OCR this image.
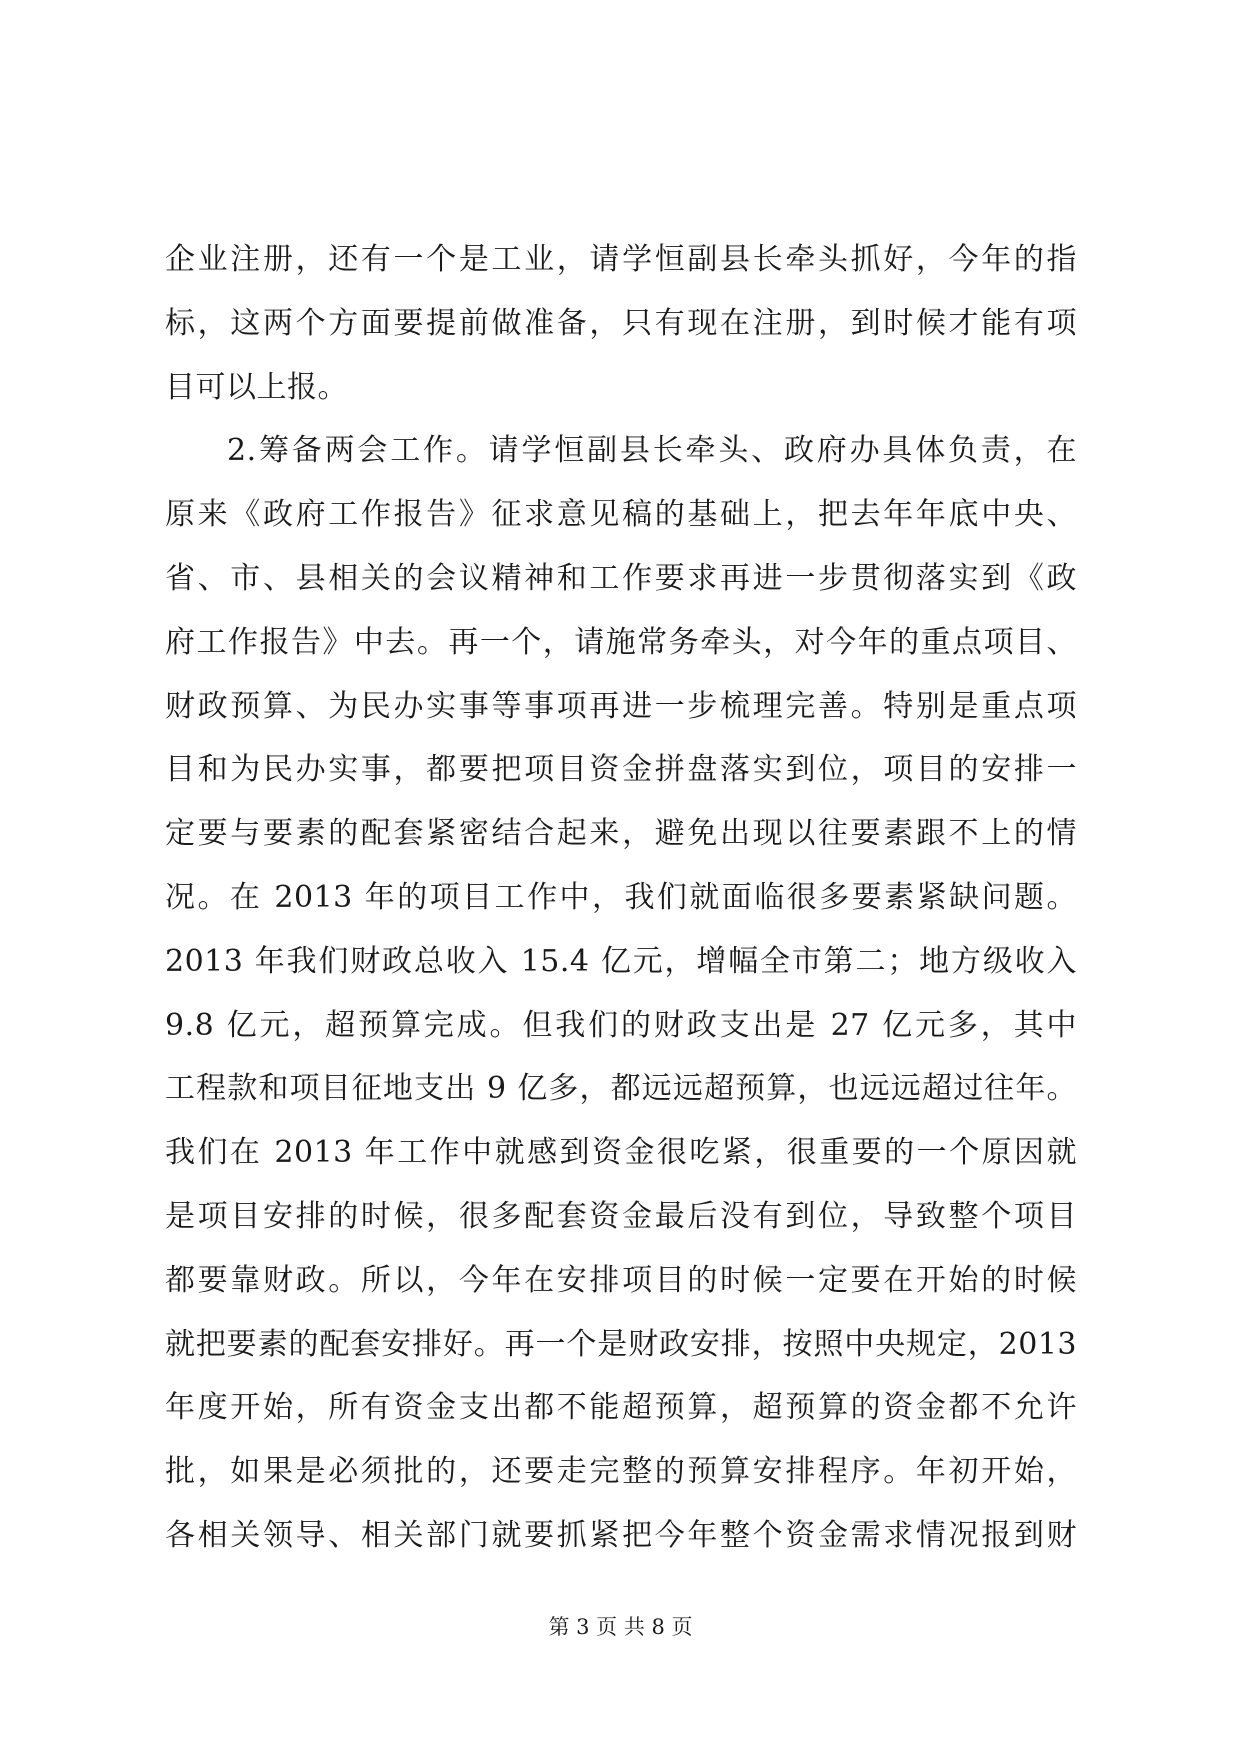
企业注册，还有一个是工业，请学恒副县长牵头抓好，今年的指
标，这两个方面要提前做准备，只有现在注册，到时候才能有项
目可以上报。
2.筹备两会工作。请学恒副县长牵头、政府办具体负责，在
原来《政府工作报告》征求意见稿的基础上，把去年年底中央、
省、市、县相关的会议精神和工作要求再进一步贯彻落实到《政
府工作报告》中去。再一个，请施常务牵头，对今年的重点项目、
财政预算、为民办实事等事项再进一步梳理完善。特别是重点项
目和为民办实事，都要把项目资金拼盘落实到位，项目的安排一
定要与要素的配套紧密结合起来，避免出现以往要素跟不上的情
况。在 2013 年的项目工作中，我们就面临很多要素紧缺问题。
2013 年我们财政总收入 15.4 亿元，增幅全市第二；地方级收入
9.8 亿元，超预算完成。但我们的财政支出是 27 亿元多，其中
工程款和项目征地支出 9 亿多，都远远超预算，也远远超过往年。
我们在 2013 年工作中就感到资金很吃紧，很重要的一个原因就
是项目安排的时候，很多配套资金最后没有到位，导致整个项目
都要靠财政。所以，今年在安排项目的时候一定要在开始的时候
就把要素的配套安排好。再一个是财政安排，按照中央规定，2013
年度开始，所有资金支出都不能超预算，超预算的资金都不允许
批，如果是必须批的，还要走完整的预算安排程序。年初开始，
各相关领导、相关部门就要抓紧把今年整个资金需求情况报到财
第 3 页 共 8 页
